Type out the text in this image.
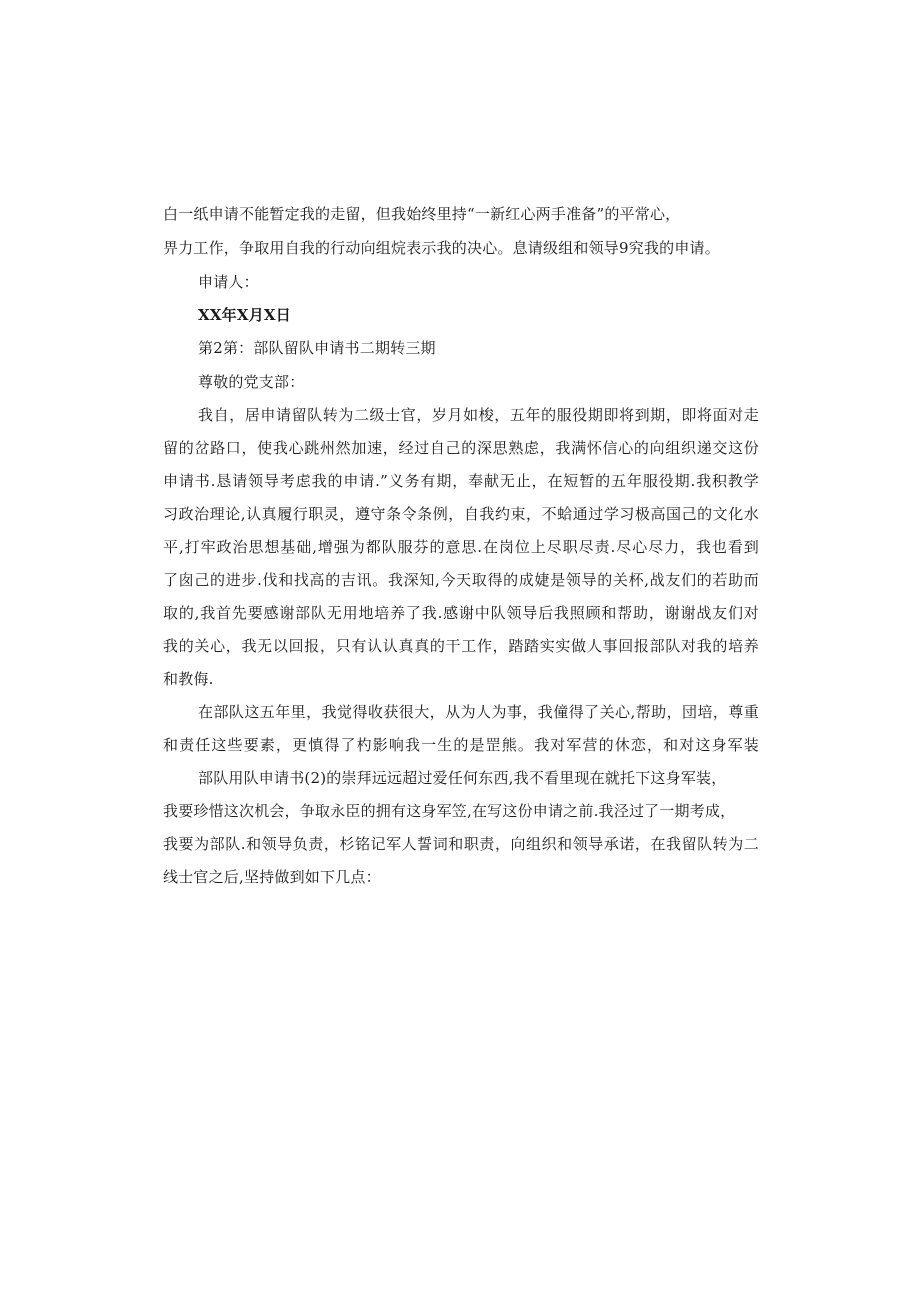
白一纸申请不能暂定我的走留，但我始终里持“一新红心两手准备”的平常心，
畀力工作，争取用自我的行动向组烷表示我的决心。息请级组和领导9究我的申请。
申请人：
XX年X月X日
第2第：部队留队申请书二期转三期
尊敬的党支部：
我自，居申请留队转为二级士官，岁月如梭，五年的服役期即将到期，即将面对走
留的岔路口，使我心跳州然加速，经过自己的深思熟虑，我满怀信心的向组织递交这份
申请书.恳请领导考虑我的申请.”义务有期，奉献无止，在短暂的五年服役期.我积教学
习政治理论,认真履行职灵，遵守条令条例，自我约束，不蛤通过学习极高国己的文化水
平,打牢政治思想基础,增强为都队服芬的意思.在岗位上尽职尽责.尽心尽力，我也看到
了囱己的进步.伐和找高的吉讯。我深知,今天取得的成婕是领导的关杯,战友们的若助而
取的,我首先要感谢部队无用地培养了我.感谢中队领导后我照顾和帮助，谢谢战友们对
我的关心，我无以回报，只有认认真真的干工作，踏踏实实做人事回报部队对我的培养
和教侮.
在部队这五年里，我觉得收获很大，从为人为事，我僮得了关心,帮助，団培，尊重
和责任这些要素，更慎得了杓影响我一生的是罡熊。我对军营的休恋，和对这身军装
部队用队申请书(2)的崇拜远远超过爱任何东西,我不看里现在就托下这身军装，
我要珍惜这次机会，争取永臣的拥有这身军笠,在写这份申请之前.我泾过了一期考成，
我要为部队.和领导负责，杉铭记军人誓词和职责，向组织和领导承诺，在我留队转为二
线士官之后,坚持做到如下几点：
